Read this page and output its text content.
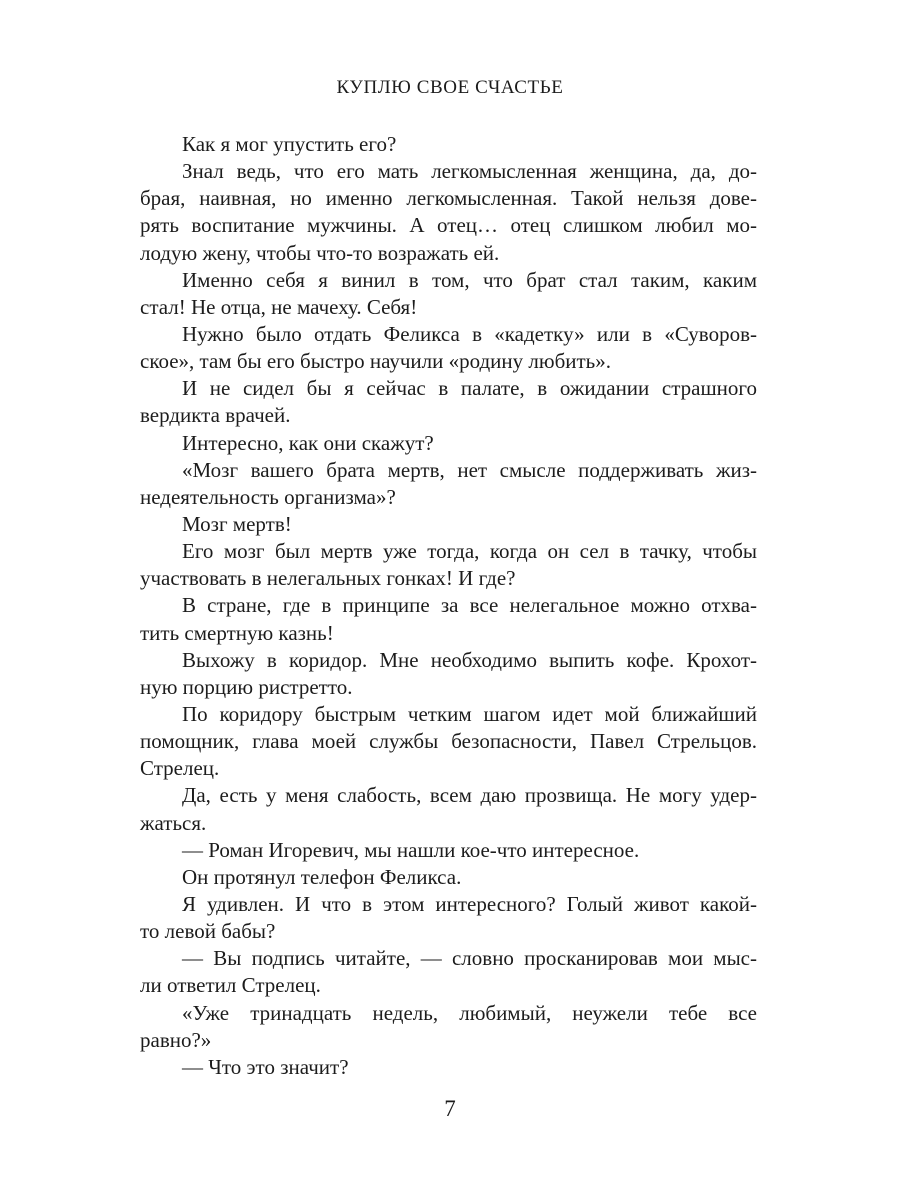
КУПЛЮ СВОЕ СЧАСТЬЕ
Как я мог упустить его?
Знал ведь, что его мать легкомысленная женщина, да, до-
брая, наивная, но именно легкомысленная. Такой нельзя дове-
рять воспитание мужчины. А отец… отец слишком любил мо-
лодую жену, чтобы что-то возражать ей.
Именно себя я винил в том, что брат стал таким, каким
стал! Не отца, не мачеху. Себя!
Нужно было отдать Феликса в «кадетку» или в «Суворов-
ское», там бы его быстро научили «родину любить».
И не сидел бы я сейчас в палате, в ожидании страшного
вердикта врачей.
Интересно, как они скажут?
«Мозг вашего брата мертв, нет смысле поддерживать жиз-
недеятельность организма»?
Мозг мертв!
Его мозг был мертв уже тогда, когда он сел в тачку, чтобы
участвовать в нелегальных гонках! И где?
В стране, где в принципе за все нелегальное можно отхва-
тить смертную казнь!
Выхожу в коридор. Мне необходимо выпить кофе. Крохот-
ную порцию ристретто.
По коридору быстрым четким шагом идет мой ближайший
помощник, глава моей службы безопасности, Павел Стрельцов.
Стрелец.
Да, есть у меня слабость, всем даю прозвища. Не могу удер-
жаться.
— Роман Игоревич, мы нашли кое-что интересное.
Он протянул телефон Феликса.
Я удивлен. И что в этом интересного? Голый живот какой-
то левой бабы?
— Вы подпись читайте, — словно просканировав мои мыс-
ли ответил Стрелец.
«Уже тринадцать недель, любимый, неужели тебе все
равно?»
— Что это значит?
7
